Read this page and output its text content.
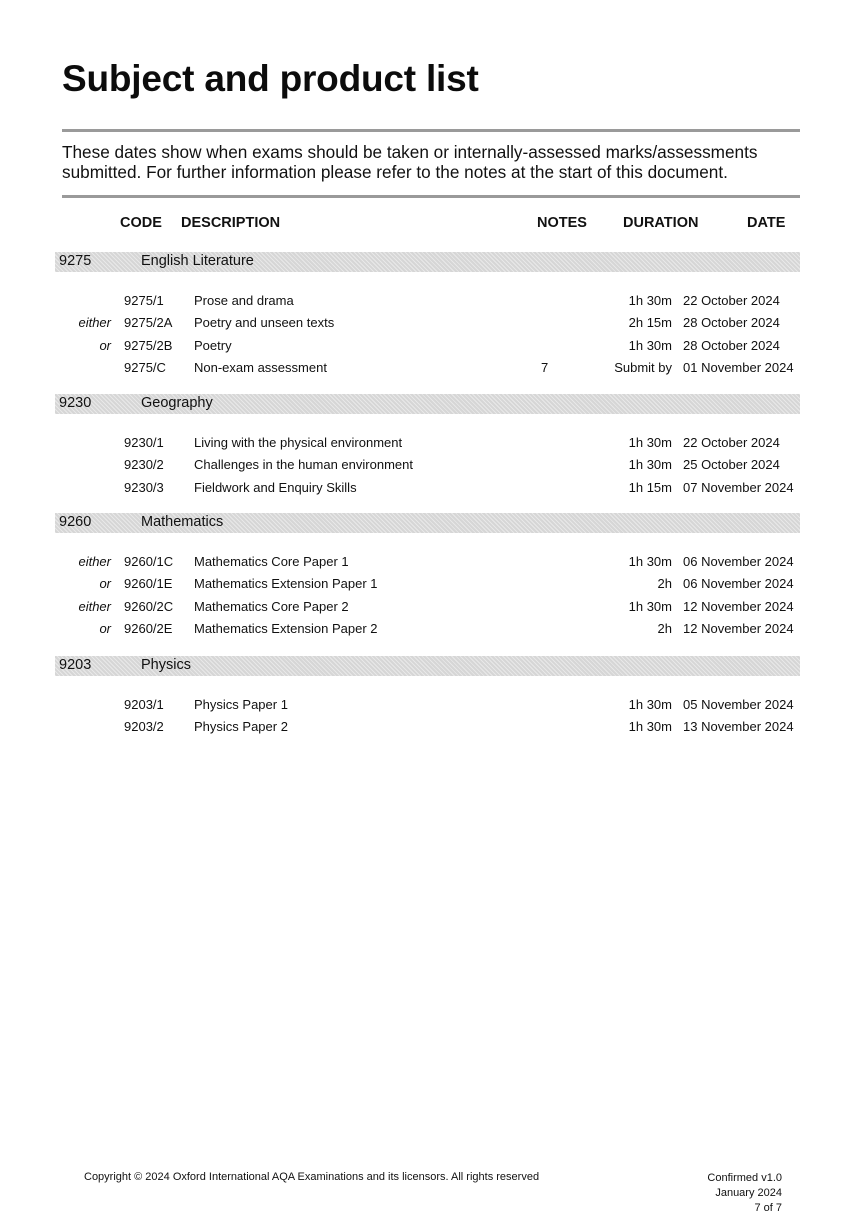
Subject and product list
These dates show when exams should be taken or internally-assessed marks/assessments submitted. For further information please refer to the notes at the start of this document.
CODE DESCRIPTION	NOTES DURATION	DATE
9275	English Literature
9275/1 Prose and drama	1h 30m 22 October 2024
either 9275/2A Poetry and unseen texts	2h 15m 28 October 2024
or 9275/2B Poetry	1h 30m 28 October 2024
9275/C Non-exam assessment	7	Submit by 01 November 2024
9230	Geography
9230/1 Living with the physical environment	1h 30m 22 October 2024
9230/2 Challenges in the human environment	1h 30m 25 October 2024
9230/3 Fieldwork and Enquiry Skills	1h 15m 07 November 2024
9260	Mathematics
either 9260/1C Mathematics Core Paper 1	1h 30m 06 November 2024
or 9260/1E Mathematics Extension Paper 1	2h 06 November 2024
either 9260/2C Mathematics Core Paper 2	1h 30m 12 November 2024
or 9260/2E Mathematics Extension Paper 2	2h 12 November 2024
9203	Physics
9203/1 Physics Paper 1	1h 30m 05 November 2024
9203/2 Physics Paper 2	1h 30m 13 November 2024
Copyright © 2024 Oxford International AQA Examinations and its licensors. All rights reserved	Confirmed v1.0
January 2024
7 of 7
